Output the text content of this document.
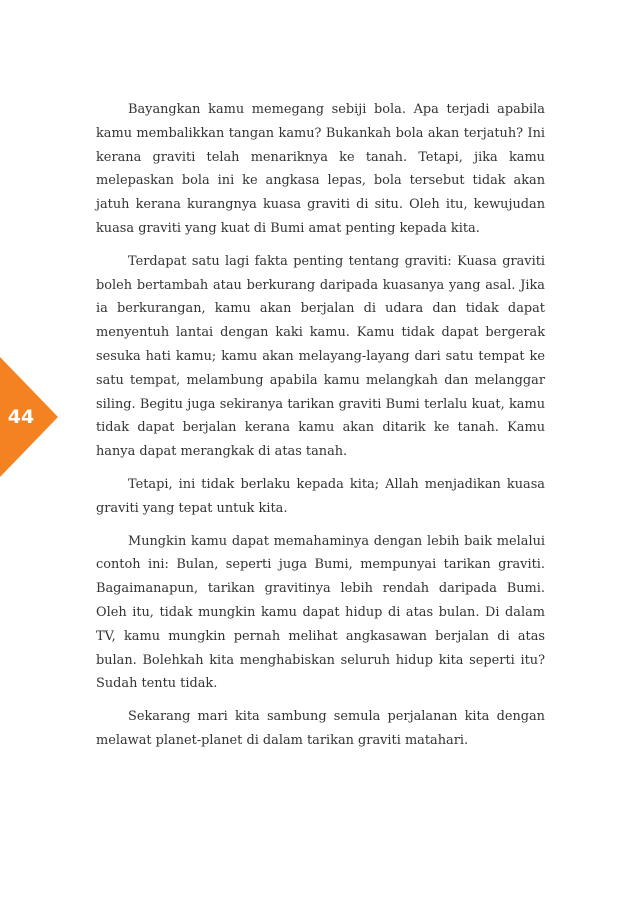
44

Bayangkan kamu memegang sebiji bola. Apa terjadi apabila kamu membalikkan tangan kamu? Bukankah bola akan terjatuh? Ini kerana graviti telah menariknya ke tanah. Tetapi, jika kamu melepaskan bola ini ke angkasa lepas, bola tersebut tidak akan jatuh kerana kurangnya kuasa graviti di situ. Oleh itu, kewujudan kuasa graviti yang kuat di Bumi amat penting kepada kita.

Terdapat satu lagi fakta penting tentang graviti: Kuasa graviti boleh bertambah atau berkurang daripada kuasanya yang asal. Jika ia berkurangan, kamu akan berjalan di udara dan tidak dapat menyentuh lantai dengan kaki kamu. Kamu tidak dapat bergerak sesuka hati kamu; kamu akan melayang-layang dari satu tempat ke satu tempat, melambung apabila kamu melangkah dan melanggar siling. Begitu juga sekiranya tarikan graviti Bumi terlalu kuat, kamu tidak dapat berjalan kerana kamu akan ditarik ke tanah. Kamu hanya dapat merangkak di atas tanah.

Tetapi, ini tidak berlaku kepada kita; Allah menjadikan kuasa graviti yang tepat untuk kita.

Mungkin kamu dapat memahaminya dengan lebih baik melalui contoh ini: Bulan, seperti juga Bumi, mempunyai tarikan graviti. Bagaimanapun, tarikan gravitinya lebih rendah daripada Bumi. Oleh itu, tidak mungkin kamu dapat hidup di atas bulan. Di dalam TV, kamu mungkin pernah melihat angkasawan berjalan di atas bulan. Bolehkah kita menghabiskan seluruh hidup kita seperti itu? Sudah tentu tidak.

Sekarang mari kita sambung semula perjalanan kita dengan melawat planet-planet di dalam tarikan graviti matahari.
